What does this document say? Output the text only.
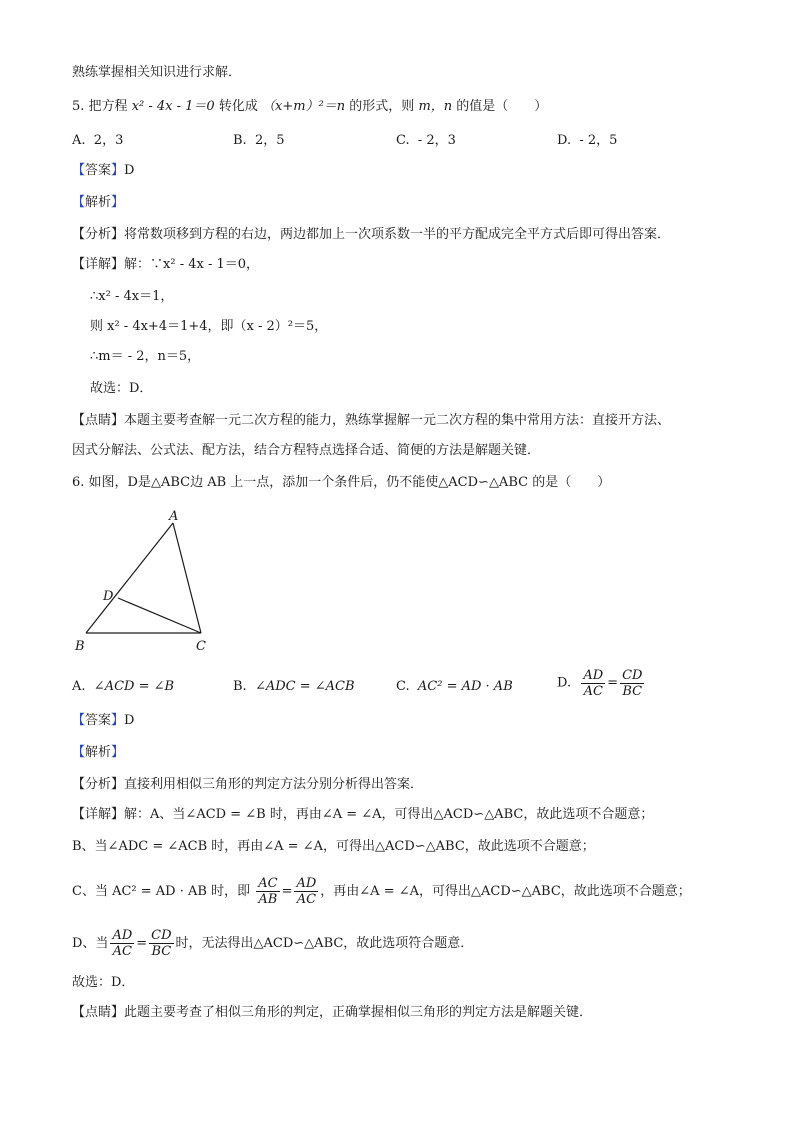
熟练掌握相关知识进行求解．
5. 把方程 x² - 4x - 1＝0 转化成 （x+m）²＝n 的形式，则 m，n 的值是（　　）
A. 2，3	B. 2，5	C. - 2，3	D. - 2，5
【答案】D
【解析】
【分析】将常数项移到方程的右边，两边都加上一次项系数一半的平方配成完全平方式后即可得出答案．
【详解】解：∵x² - 4x - 1＝0，
∴x² - 4x＝1，
则 x² - 4x+4＝1+4，即（x - 2）²＝5，
∴m＝ - 2，n＝5，
故选：D．
【点睛】本题主要考查解一元二次方程的能力，熟练掌握解一元二次方程的集中常用方法：直接开方法、
因式分解法、公式法、配方法，结合方程特点选择合适、简便的方法是解题关键．
6. 如图，D是△ABC边 AB 上一点，添加一个条件后，仍不能使△ACD∽△ABC 的是（　　）
A
B	C
D
A. ∠ACD = ∠B	B. ∠ADC = ∠ACB	C. AC² = AD · AB	D. $\frac{AD}{AC} = \frac{CD}{BC}$
【答案】D
【解析】
【分析】直接利用相似三角形的判定方法分别分析得出答案．
【详解】解：A、当∠ACD = ∠B 时，再由∠A = ∠A，可得出△ACD∽△ABC，故此选项不合题意；
B、当∠ADC = ∠ACB 时，再由∠A = ∠A，可得出△ACD∽△ABC，故此选项不合题意；
C、当 AC² = AD · AB 时，即 $\frac{AC}{AB} = \frac{AD}{AC}$ ，再由∠A = ∠A，可得出△ACD∽△ABC，故此选项不合题意；
D、当 $\frac{AD}{AC} = \frac{CD}{BC}$ 时，无法得出△ACD∽△ABC，故此选项符合题意．
故选：D．
【点睛】此题主要考查了相似三角形的判定，正确掌握相似三角形的判定方法是解题关键．
